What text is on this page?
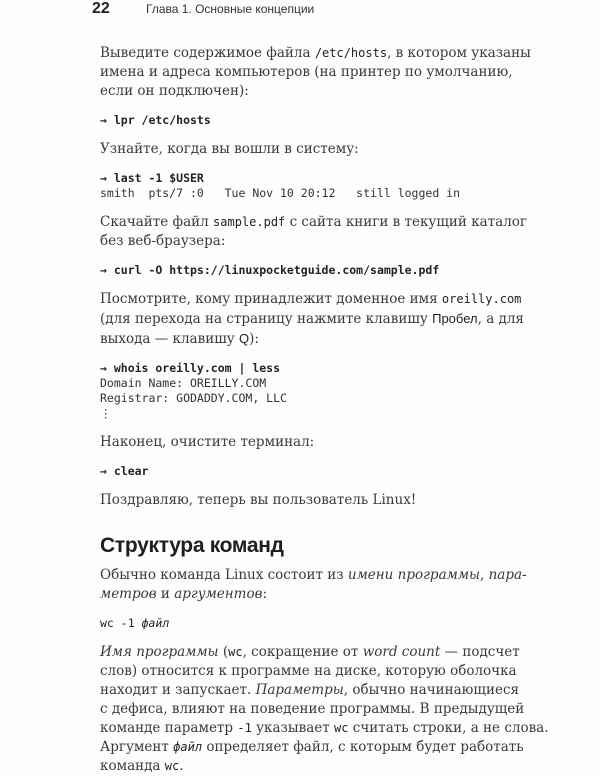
22	Глава 1. Основные концепции

Выведите содержимое файла /etc/hosts, в котором указаны
имена и адреса компьютеров (на принтер по умолчанию,
если он подключен):

→ lpr /etc/hosts

Узнайте, когда вы вошли в систему:

→ last -1 $USER
smith  pts/7 :0   Tue Nov 10 20:12   still logged in

Скачайте файл sample.pdf с сайта книги в текущий каталог
без веб-браузера:

→ curl -O https://linuxpocketguide.com/sample.pdf

Посмотрите, кому принадлежит доменное имя oreilly.com
(для перехода на страницу нажмите клавишу Пробел, а для
выхода — клавишу Q):

→ whois oreilly.com | less
Domain Name: OREILLY.COM
Registrar: GODADDY.COM, LLC
⋮

Наконец, очистите терминал:

→ clear

Поздравляю, теперь вы пользователь Linux!

Структура команд

Обычно команда Linux состоит из имени программы, пара-
метров и аргументов:

wc -1 файл

Имя программы (wc, сокращение от word count — подсчет
слов) относится к программе на диске, которую оболочка
находит и запускает. Параметры, обычно начинающиеся
с дефиса, влияют на поведение программы. В предыдущей
команде параметр -1 указывает wc считать строки, а не слова.
Аргумент файл определяет файл, с которым будет работать
команда wc.
